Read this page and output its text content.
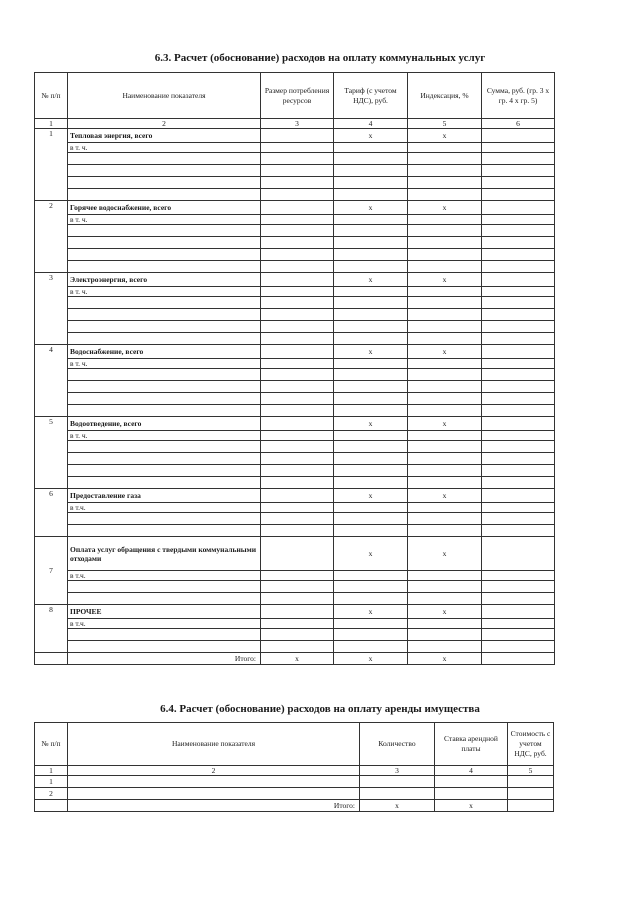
6.3. Расчет (обоснование) расходов на оплату коммунальных услуг
№ п/п	Наименование показателя	Размер потребления ресурсов	Тариф (с учетом НДС), руб.	Индексация, %	Сумма, руб. (гр. 3 х гр. 4 х гр. 5)
1	2	3	4	5	6
1	Тепловая энергия, всего		х	х	
	в т. ч.				

2	Горячее водоснабжение, всего		х	х	
	в т. ч.				

3	Электроэнергия, всего		х	х	
	в т. ч.				

4	Водоснабжение, всего		х	х	
	в т. ч.				

5	Водоотведение, всего		х	х	
	в т. ч.				

6	Предоставление газа		х	х	
	в т.ч.				

7	Оплата услуг обращения с твердыми коммунальными отходами		х	х	
	в т.ч.				

8	ПРОЧЕЕ		х	х	
	в т.ч.				

	Итого:	х	х	х	
6.4. Расчет (обоснование) расходов на оплату аренды имущества
№ п/п	Наименование показателя	Количество	Ставка арендной платы	Стоимость с учетом НДС, руб.
1	2	3	4	5
1				
2				
	Итого:	х	х	
